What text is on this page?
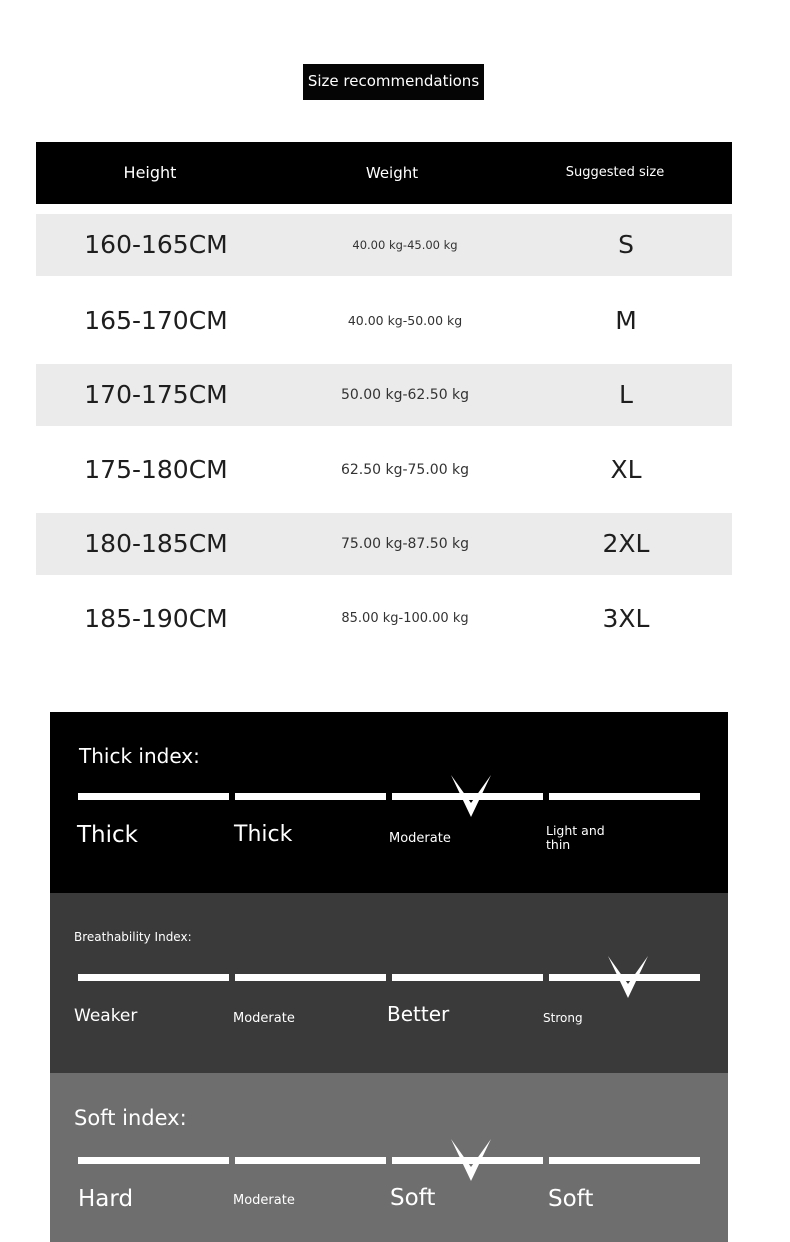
Size recommendations
Height	Weight	Suggested size
160-165CM	40.00 kg-45.00 kg	S
165-170CM	40.00 kg-50.00 kg	M
170-175CM	50.00 kg-62.50 kg	L
175-180CM	62.50 kg-75.00 kg	XL
180-185CM	75.00 kg-87.50 kg	2XL
185-190CM	85.00 kg-100.00 kg	3XL
Thick index:
Thick	Thick	Moderate
Light and
thin
Breathability Index:
Weaker	Moderate	Better	Strong
Soft index:
Hard	Moderate	Soft	Soft
